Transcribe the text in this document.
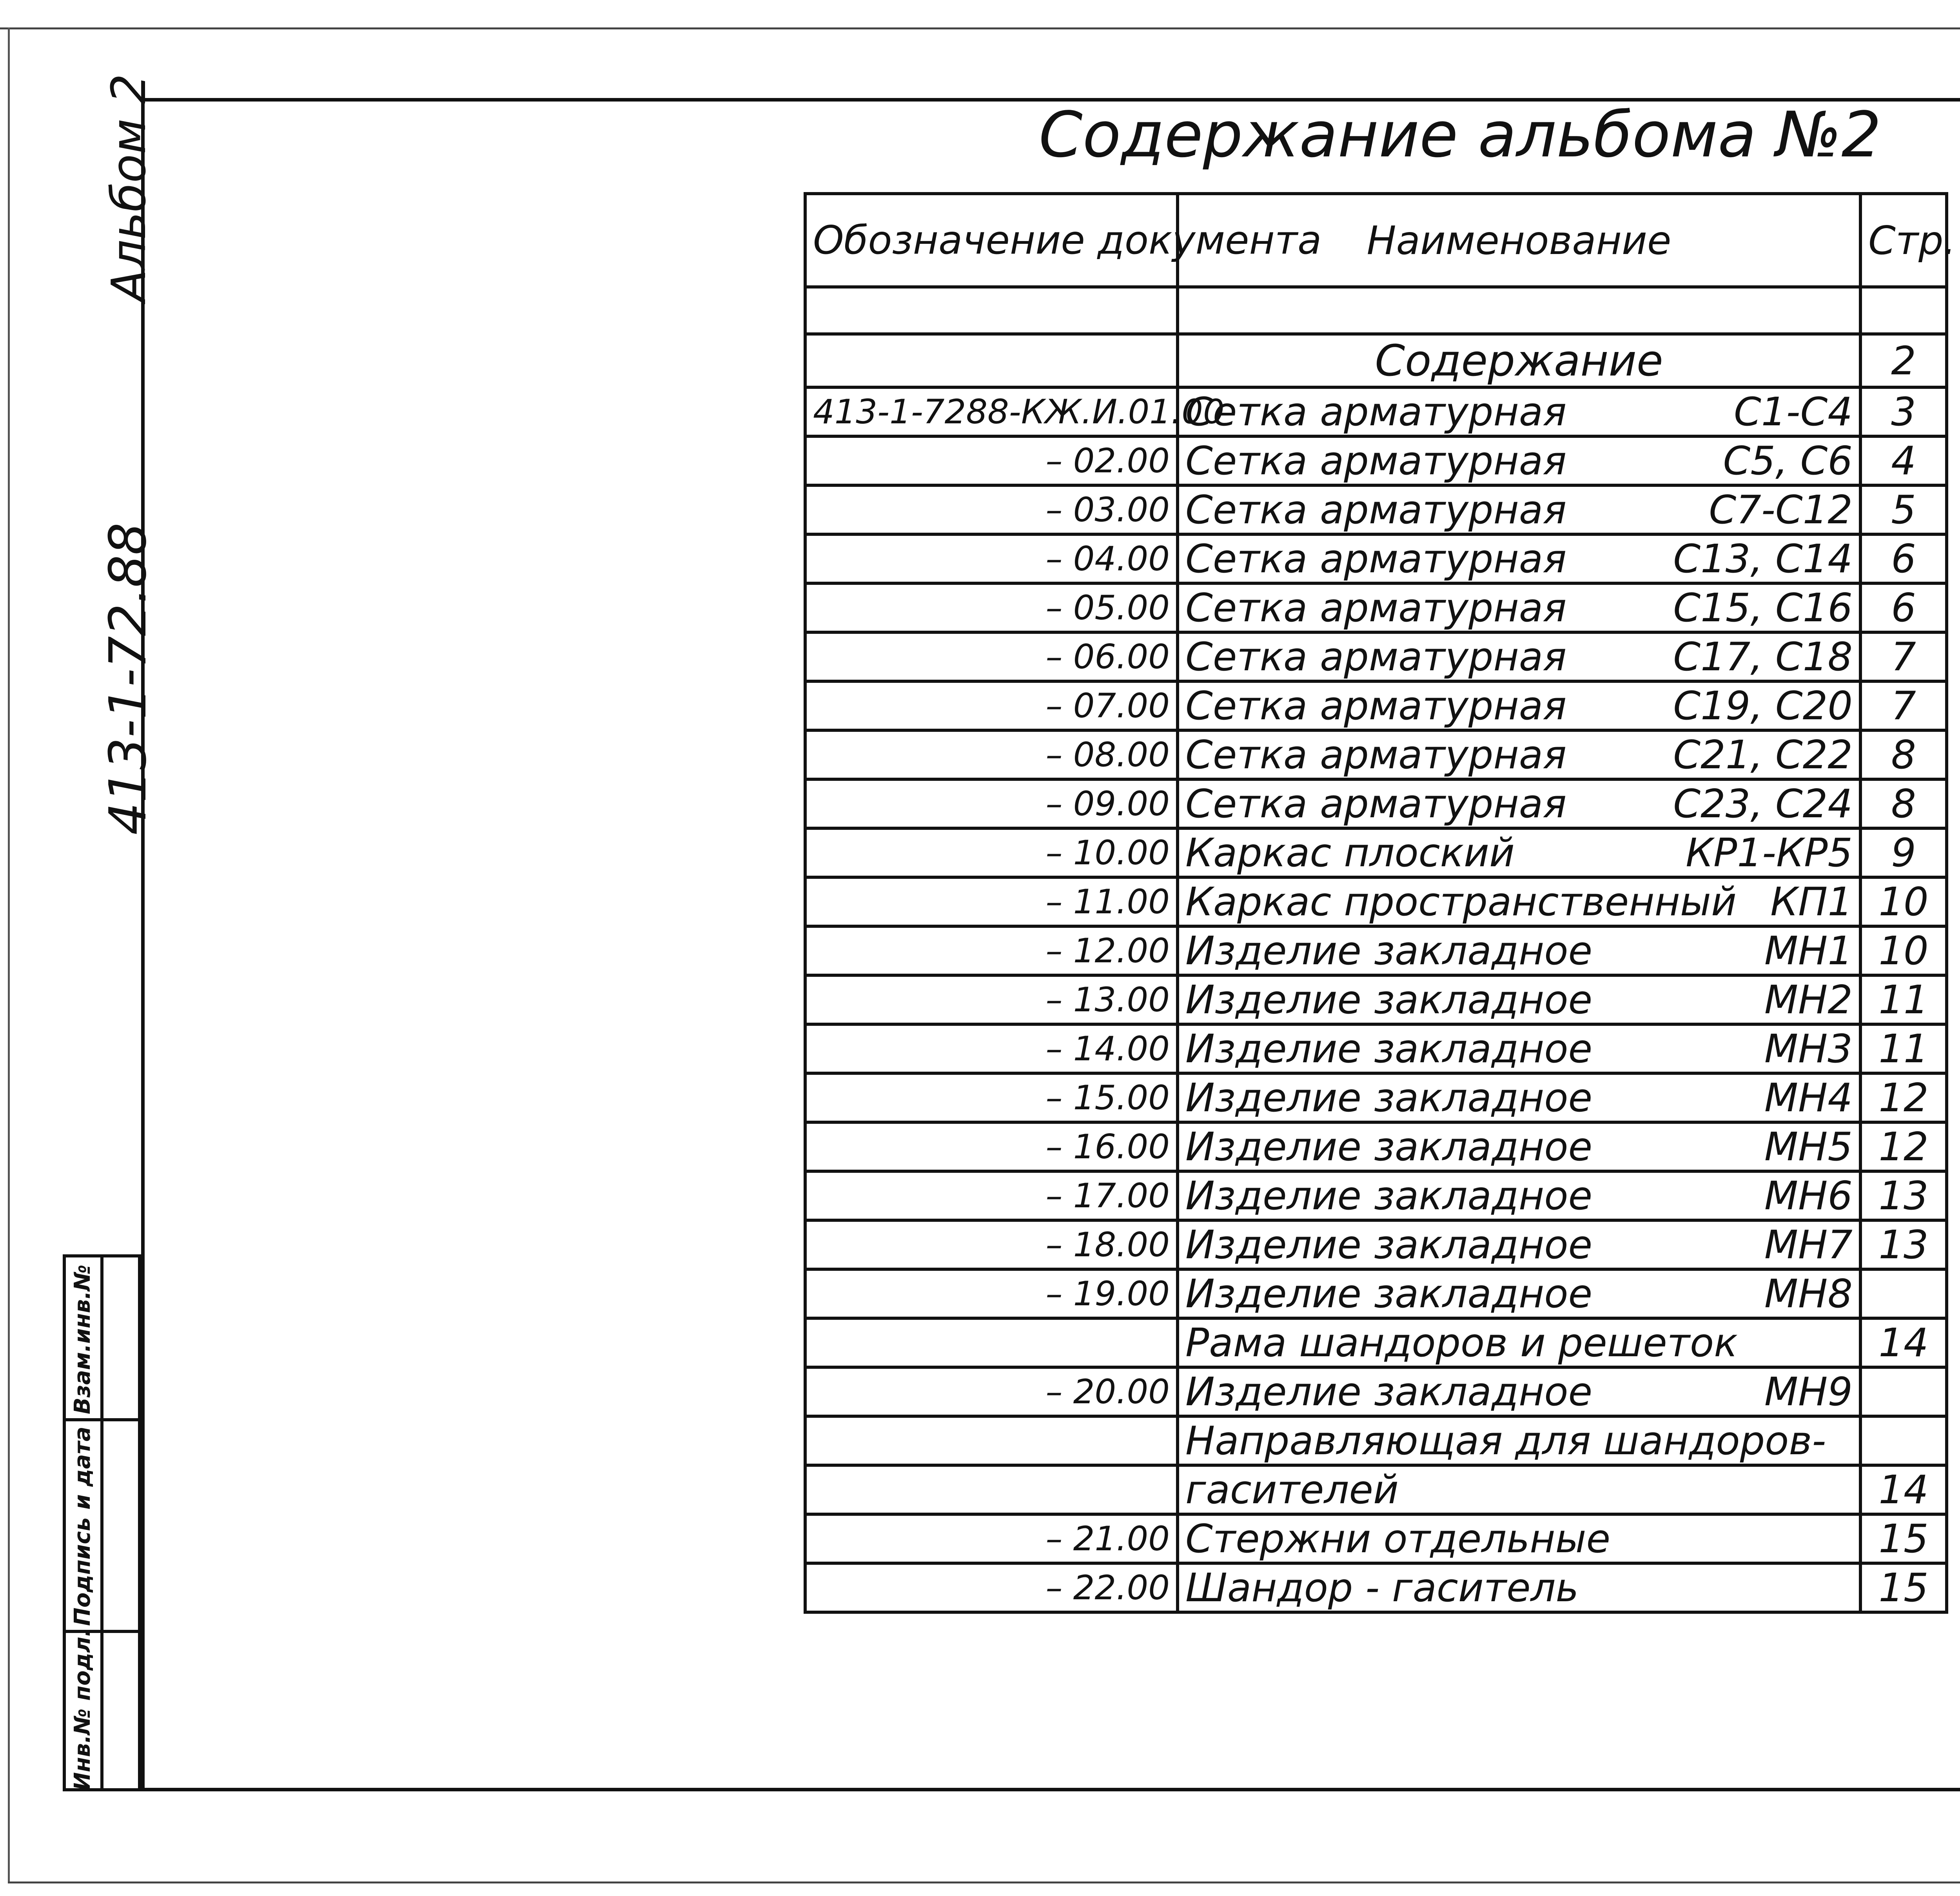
Альбом 2
413-1-72.88
Взам.инв.№
Подпись и дата
Инв.№ подл.
Содержание альбома №2
Обозначение документа	Наименование	Стр.

	Содержание	2
413-1-7288-КЖ.И.01.00	Сетка арматурная С1-С4	3
– 02.00	Сетка арматурная С5, С6	4
– 03.00	Сетка арматурная С7-С12	5
– 04.00	Сетка арматурная С13, С14	6
– 05.00	Сетка арматурная С15, С16	6
– 06.00	Сетка арматурная С17, С18	7
– 07.00	Сетка арматурная С19, С20	7
– 08.00	Сетка арматурная С21, С22	8
– 09.00	Сетка арматурная С23, С24	8
– 10.00	Каркас плоский КР1-КР5	9
– 11.00	Каркас пространственный КП1	10
– 12.00	Изделие закладное МН1	10
– 13.00	Изделие закладное МН2	11
– 14.00	Изделие закладное МН3	11
– 15.00	Изделие закладное МН4	12
– 16.00	Изделие закладное МН5	12
– 17.00	Изделие закладное МН6	13
– 18.00	Изделие закладное МН7	13
– 19.00	Изделие закладное МН8	

	Рама шандоров и решеток	14
– 20.00	Изделие закладное МН9	

	Направляющая для шандоров-	

	гасителей	14
– 21.00	Стержни отдельные	15
– 22.00	Шандор - гаситель	15
